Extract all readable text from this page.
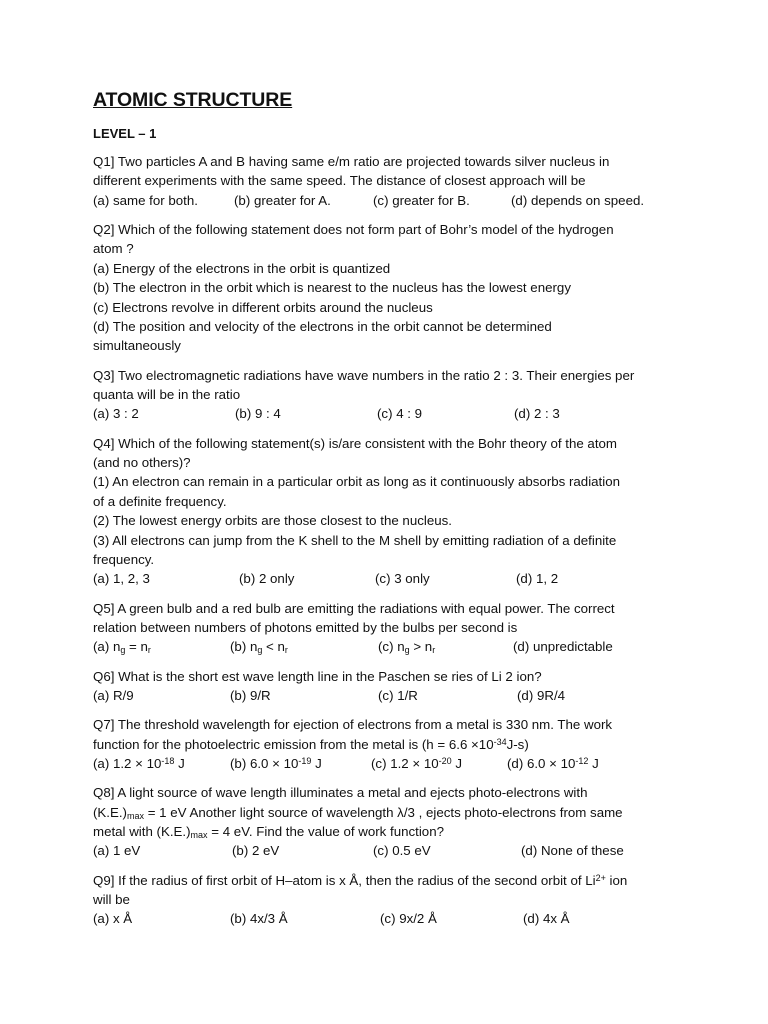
ATOMIC STRUCTURE
LEVEL – 1
Q1] Two particles A and B having same e/m ratio are projected towards silver nucleus in
different experiments with the same speed. The distance of closest approach will be
(a) same for both.	(b) greater for A.	(c) greater for B.	(d) depends on speed.
Q2] Which of the following statement does not form part of Bohr’s model of the hydrogen
atom ?
(a) Energy of the electrons in the orbit is quantized
(b) The electron in the orbit which is nearest to the nucleus has the lowest energy
(c) Electrons revolve in different orbits around the nucleus
(d) The position and velocity of the electrons in the orbit cannot be determined
simultaneously
Q3] Two electromagnetic radiations have wave numbers in the ratio 2 : 3. Their energies per
quanta will be in the ratio
(a) 3 : 2	(b) 9 : 4	(c) 4 : 9	(d) 2 : 3
Q4] Which of the following statement(s) is/are consistent with the Bohr theory of the atom
(and no others)?
(1) An electron can remain in a particular orbit as long as it continuously absorbs radiation
of a definite frequency.
(2) The lowest energy orbits are those closest to the nucleus.
(3) All electrons can jump from the K shell to the M shell by emitting radiation of a definite
frequency.
(a) 1, 2, 3	(b) 2 only	(c) 3 only	(d) 1, 2
Q5] A green bulb and a red bulb are emitting the radiations with equal power. The correct
relation between numbers of photons emitted by the bulbs per second is
(a) $n_g = n_r$	(b) $n_g < n_r$	(c) $n_g > n_r$	(d) unpredictable
Q6] What is the short est wave length line in the Paschen se ries of Li 2 ion?
(a) R/9	(b) 9/R	(c) 1/R	(d) 9R/4
Q7] The threshold wavelength for ejection of electrons from a metal is 330 nm. The work
function for the photoelectric emission from the metal is $(h = 6.6 \times 10^{-34}J-s)$
(a) $1.2 \times 10^{-18}$ J	(b) $6.0 \times 10^{-19}$ J	(c) $1.2 \times 10^{-20}$ J	(d) $6.0 \times 10^{-12}$ J
Q8] A light source of wave length illuminates a metal and ejects photo-electrons with
$(K.E.)_{max} = 1$ eV Another light source of wavelength λ/3 , ejects photo-electrons from same
metal with $(K.E.)_{max} = 4$ eV. Find the value of work function?
(a) 1 eV	(b) 2 eV	(c) 0.5 eV	(d) None of these
Q9] If the radius of first orbit of H–atom is x Å, then the radius of the second orbit of $Li^{2+}$ ion
will be
(a) x Å	(b) 4x/3 Å	(c) 9x/2 Å	(d) 4x Å
